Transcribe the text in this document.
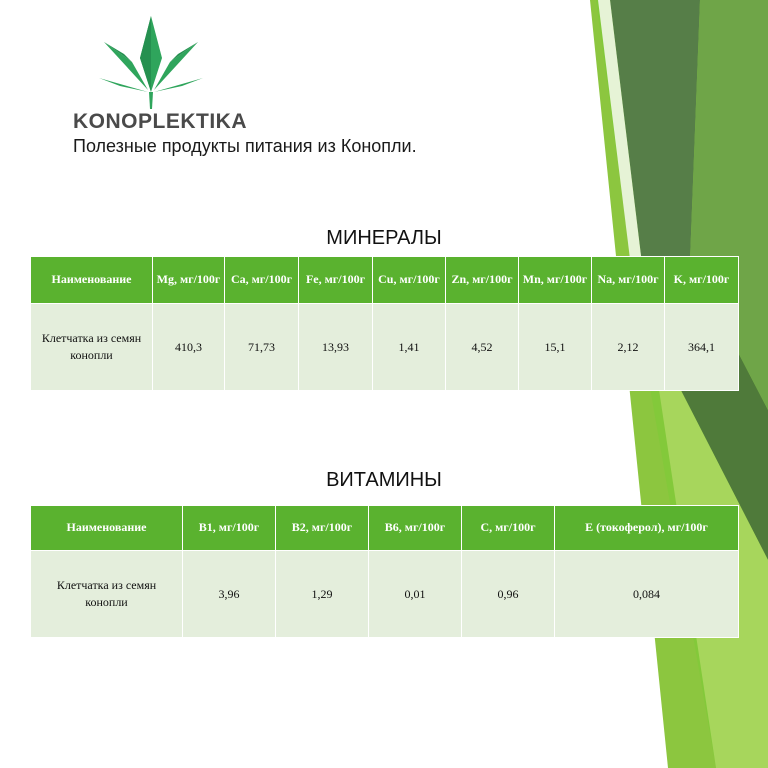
KONOPLEKTIKA
Полезные продукты питания из Конопли.
МИНЕРАЛЫ
Наименование	Mg, мг/100г	Ca, мг/100г	Fe, мг/100г	Cu, мг/100г	Zn, мг/100г	Mn, мг/100г	Na, мг/100г	K, мг/100г
Клетчатка из семян конопли	410,3	71,73	13,93	1,41	4,52	15,1	2,12	364,1
ВИТАМИНЫ
Наименование	B1, мг/100г	B2, мг/100г	B6, мг/100г	C, мг/100г	E (токоферол), мг/100г
Клетчатка из семян конопли	3,96	1,29	0,01	0,96	0,084
